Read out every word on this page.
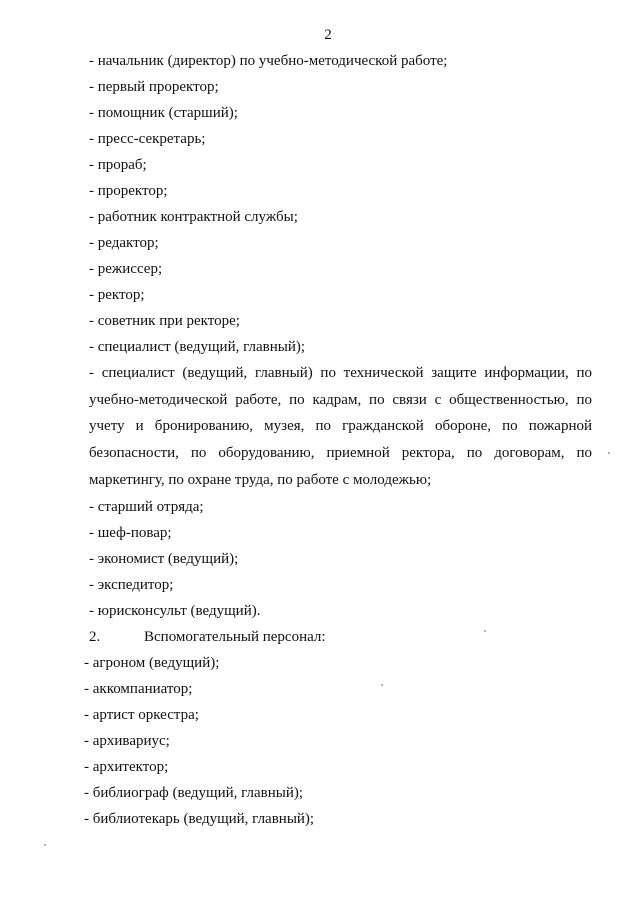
2
- начальник (директор) по учебно-методической работе;
- первый проректор;
- помощник (старший);
- пресс-секретарь;
- прораб;
- проректор;
- работник контрактной службы;
- редактор;
- режиссер;
- ректор;
- советник при ректоре;
- специалист (ведущий, главный);

- специалист (ведущий, главный) по технической защите информации, по учебно-методической работе, по кадрам, по связи с общественностью, по учету и бронированию, музея, по гражданской обороне, по пожарной безопасности, по оборудованию, приемной ректора, по договорам, по маркетингу, по охране труда, по работе с молодежью;

- старший отряда;
- шеф-повар;
- экономист (ведущий);
- экспедитор;
- юрисконсульт (ведущий).
2.	Вспомогательный персонал:
- агроном (ведущий);
- аккомпаниатор;
- артист оркестра;
- архивариус;
- архитектор;
- библиограф (ведущий, главный);
- библиотекарь (ведущий, главный);
